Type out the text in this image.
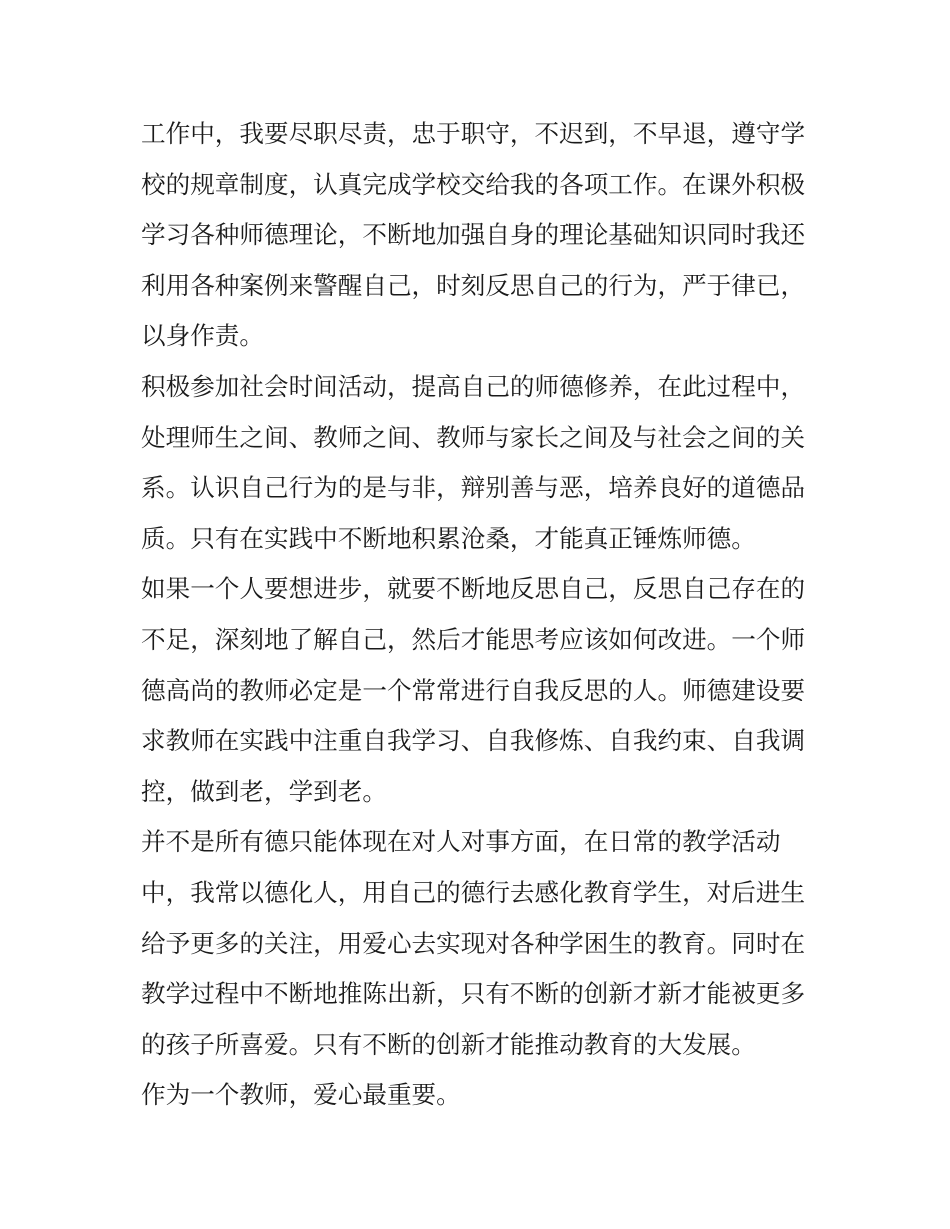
工作中，我要尽职尽责，忠于职守，不迟到，不早退，遵守学
校的规章制度，认真完成学校交给我的各项工作。在课外积极
学习各种师德理论，不断地加强自身的理论基础知识同时我还
利用各种案例来警醒自己，时刻反思自己的行为，严于律已，
以身作责。
积极参加社会时间活动，提高自己的师德修养，在此过程中，
处理师生之间、教师之间、教师与家长之间及与社会之间的关
系。认识自己行为的是与非，辩别善与恶，培养良好的道德品
质。只有在实践中不断地积累沧桑，才能真正锤炼师德。
如果一个人要想进步，就要不断地反思自己，反思自己存在的
不足，深刻地了解自己，然后才能思考应该如何改进。一个师
德高尚的教师必定是一个常常进行自我反思的人。师德建设要
求教师在实践中注重自我学习、自我修炼、自我约束、自我调
控，做到老，学到老。
并不是所有德只能体现在对人对事方面，在日常的教学活动
中，我常以德化人，用自己的德行去感化教育学生，对后进生
给予更多的关注，用爱心去实现对各种学困生的教育。同时在
教学过程中不断地推陈出新，只有不断的创新才新才能被更多
的孩子所喜爱。只有不断的创新才能推动教育的大发展。
作为一个教师，爱心最重要。
